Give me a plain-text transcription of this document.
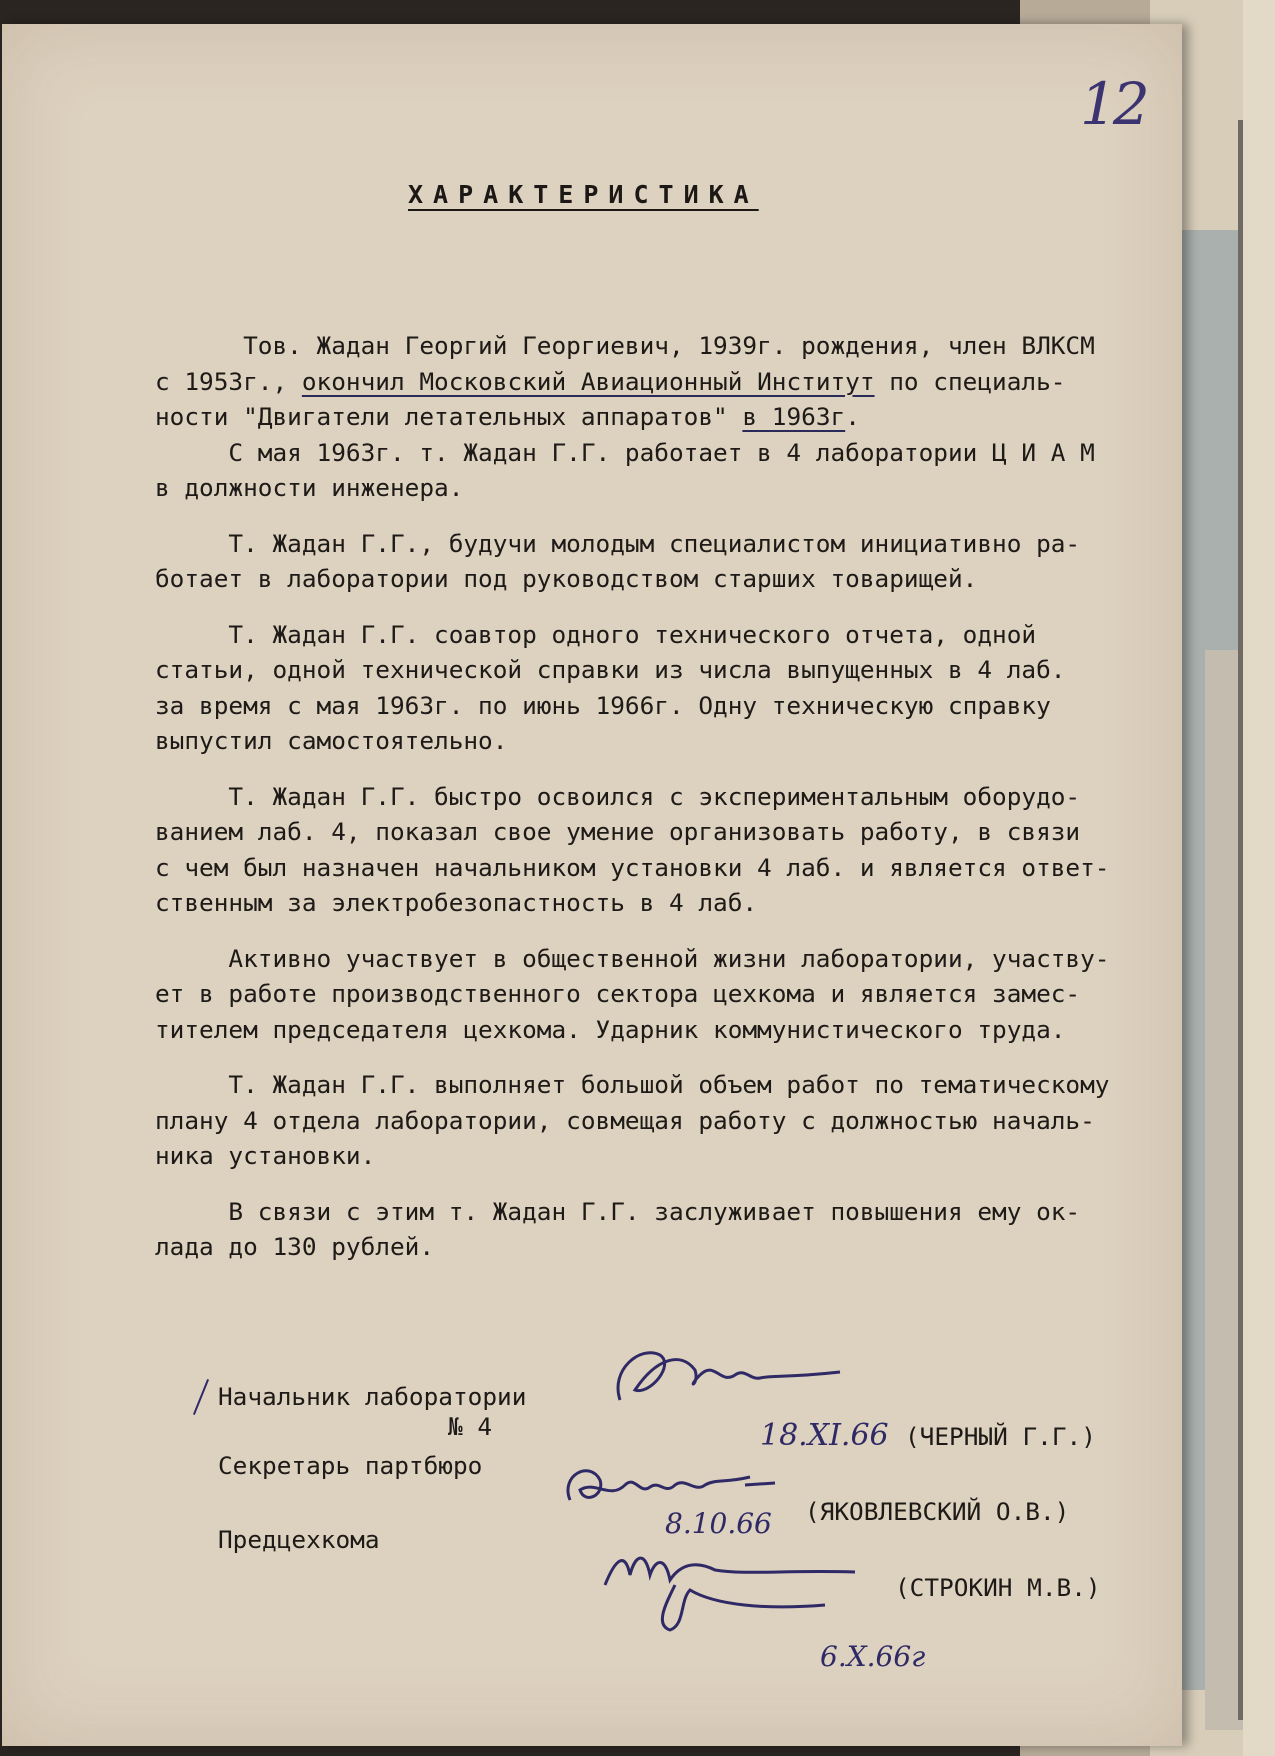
12
ХАРАКТЕРИСТИКА
Тов. Жадан Георгий Георгиевич, 1939г. рождения, член ВЛКСМ
с 1953г., окончил Московский Авиационный Институт по специаль-
ности "Двигатели летательных аппаратов" в 1963г.
С мая 1963г. т. Жадан Г.Г. работает в 4 лаборатории Ц И А М
в должности инженера.
Т. Жадан Г.Г., будучи молодым специалистом инициативно ра-
ботает в лаборатории под руководством старших товарищей.
Т. Жадан Г.Г. соавтор одного технического отчета, одной
статьи, одной технической справки из числа выпущенных в 4 лаб.
за время с мая 1963г. по июнь 1966г. Одну техническую справку
выпустил самостоятельно.
Т. Жадан Г.Г. быстро освоился с экспериментальным оборудо-
ванием лаб. 4, показал свое умение организовать работу, в связи
с чем был назначен начальником установки 4 лаб. и является ответ-
ственным за электробезопастность в 4 лаб.
Активно участвует в общественной жизни лаборатории, участву-
ет в работе производственного сектора цехкома и является замес-
тителем председателя цехкома. Ударник коммунистического труда.
Т. Жадан Г.Г. выполняет большой объем работ по тематическому
плану 4 отдела лаборатории, совмещая работу с должностью началь-
ника установки.
В связи с этим т. Жадан Г.Г. заслуживает повышения ему ок-
лада до 130 рублей.
Начальник лаборатории
№ 4
Секретарь партбюро
Предцехкома
18.XI.66 (ЧЕРНЫЙ Г.Г.)
8.10.66 (ЯКОВЛЕВСКИЙ О.В.)
(СТРОКИН М.В.)
6.X.66г
